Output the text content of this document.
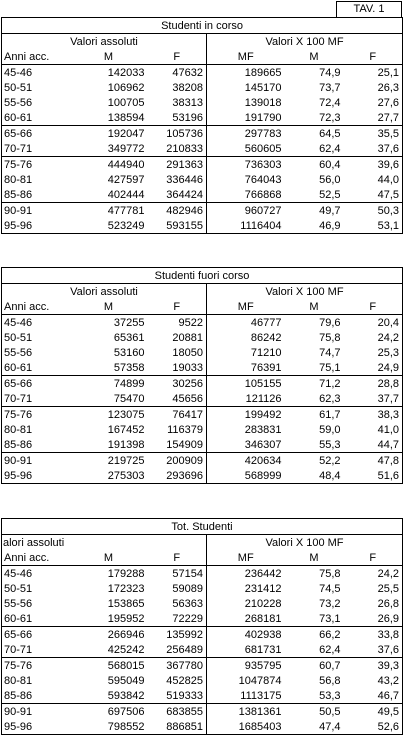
TAV. 1
Studenti in corso					
Valori assoluti			Valori X 100 MF		
Anni acc.	M	F	MF	M	F
45-46	142033	47632	189665	74,9	25,1
50-51	106962	38208	145170	73,7	26,3
55-56	100705	38313	139018	72,4	27,6
60-61	138594	53196	191790	72,3	27,7
65-66	192047	105736	297783	64,5	35,5
70-71	349772	210833	560605	62,4	37,6
75-76	444940	291363	736303	60,4	39,6
80-81	427597	336446	764043	56,0	44,0
85-86	402444	364424	766868	52,5	47,5
90-91	477781	482946	960727	49,7	50,3
95-96	523249	593155	1116404	46,9	53,1
Studenti fuori corso					
Valori assoluti			Valori X 100 MF		
Anni acc.	M	F	MF	M	F
45-46	37255	9522	46777	79,6	20,4
50-51	65361	20881	86242	75,8	24,2
55-56	53160	18050	71210	74,7	25,3
60-61	57358	19033	76391	75,1	24,9
65-66	74899	30256	105155	71,2	28,8
70-71	75470	45656	121126	62,3	37,7
75-76	123075	76417	199492	61,7	38,3
80-81	167452	116379	283831	59,0	41,0
85-86	191398	154909	346307	55,3	44,7
90-91	219725	200909	420634	52,2	47,8
95-96	275303	293696	568999	48,4	51,6
Tot. Studenti					
alori assoluti			Valori X 100 MF		
Anni acc.	M	F	MF	M	F
45-46	179288	57154	236442	75,8	24,2
50-51	172323	59089	231412	74,5	25,5
55-56	153865	56363	210228	73,2	26,8
60-61	195952	72229	268181	73,1	26,9
65-66	266946	135992	402938	66,2	33,8
70-71	425242	256489	681731	62,4	37,6
75-76	568015	367780	935795	60,7	39,3
80-81	595049	452825	1047874	56,8	43,2
85-86	593842	519333	1113175	53,3	46,7
90-91	697506	683855	1381361	50,5	49,5
95-96	798552	886851	1685403	47,4	52,6
